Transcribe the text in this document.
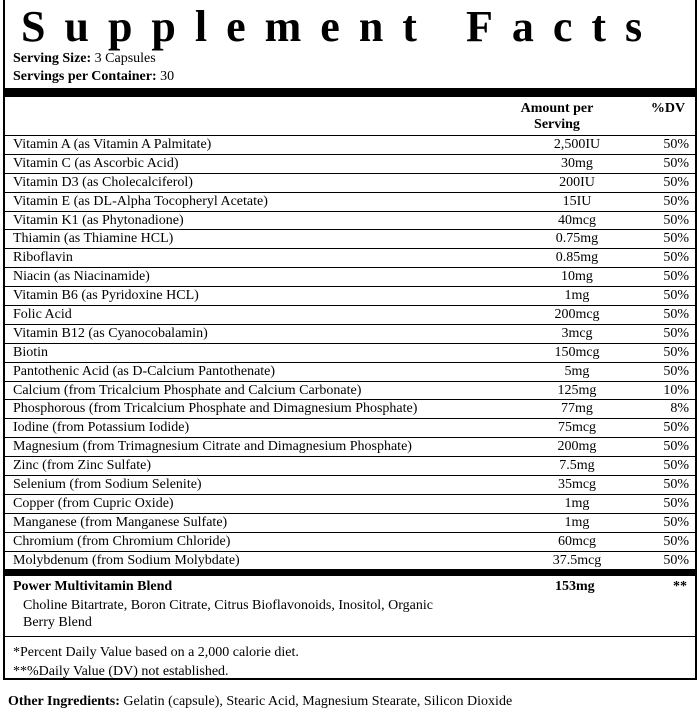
Supplement Facts
Serving Size: 3 Capsules
Servings per Container: 30
Amount per Serving
%DV
Vitamin A (as Vitamin A Palmitate)	2,500IU	50%
Vitamin C (as Ascorbic Acid)	30mg	50%
Vitamin D3 (as Cholecalciferol)	200IU	50%
Vitamin E (as DL-Alpha Tocopheryl Acetate)	15IU	50%
Vitamin K1 (as Phytonadione)	40mcg	50%
Thiamin (as Thiamine HCL)	0.75mg	50%
Riboflavin	0.85mg	50%
Niacin (as Niacinamide)	10mg	50%
Vitamin B6 (as Pyridoxine HCL)	1mg	50%
Folic Acid	200mcg	50%
Vitamin B12 (as Cyanocobalamin)	3mcg	50%
Biotin	150mcg	50%
Pantothenic Acid (as D-Calcium Pantothenate)	5mg	50%
Calcium (from Tricalcium Phosphate and Calcium Carbonate)	125mg	10%
Phosphorous (from Tricalcium Phosphate and Dimagnesium Phosphate)	77mg	8%
Iodine (from Potassium Iodide)	75mcg	50%
Magnesium (from Trimagnesium Citrate and Dimagnesium Phosphate)	200mg	50%
Zinc (from Zinc Sulfate)	7.5mg	50%
Selenium (from Sodium Selenite)	35mcg	50%
Copper (from Cupric Oxide)	1mg	50%
Manganese (from Manganese Sulfate)	1mg	50%
Chromium (from Chromium Chloride)	60mcg	50%
Molybdenum (from Sodium Molybdate)	37.5mcg	50%
Power Multivitamin Blend	153mg	**
Choline Bitartrate, Boron Citrate, Citrus Bioflavonoids, Inositol, Organic Berry Blend
*Percent Daily Value based on a 2,000 calorie diet.
**%Daily Value (DV) not established.
Other Ingredients: Gelatin (capsule), Stearic Acid, Magnesium Stearate, Silicon Dioxide
